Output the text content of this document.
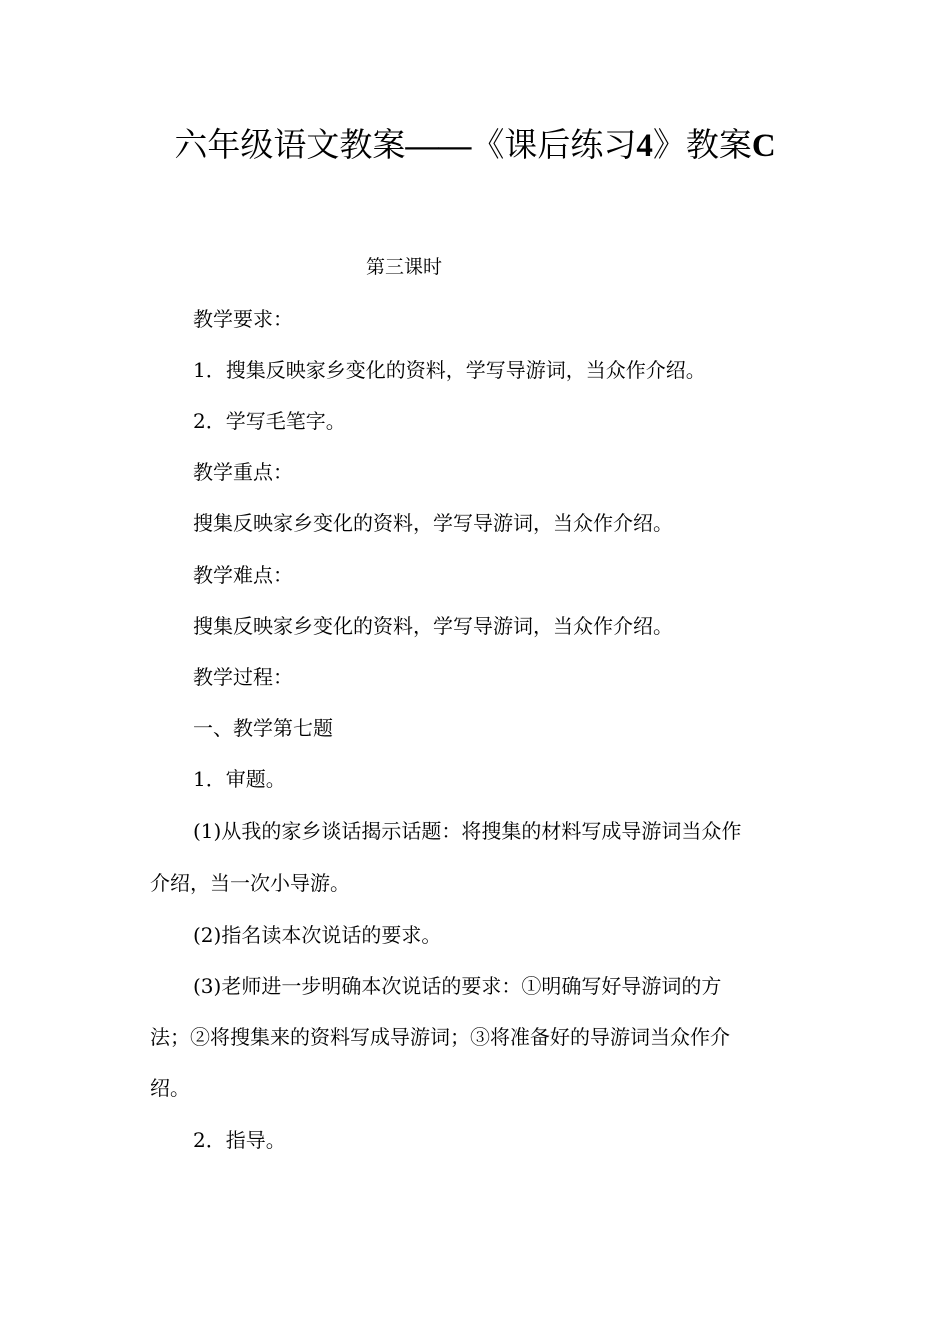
六年级语文教案——《课后练习4》教案C
第三课时
教学要求：
1．搜集反映家乡变化的资料，学写导游词，当众作介绍。
2．学写毛笔字。
教学重点：
搜集反映家乡变化的资料，学写导游词，当众作介绍。
教学难点：
搜集反映家乡变化的资料，学写导游词，当众作介绍。
教学过程：
一、教学第七题
1．审题。
(1)从我的家乡谈话揭示话题：将搜集的材料写成导游词当众作
介绍，当一次小导游。
(2)指名读本次说话的要求。
(3)老师进一步明确本次说话的要求：①明确写好导游词的方
法；②将搜集来的资料写成导游词；③将准备好的导游词当众作介
绍。
2．指导。
